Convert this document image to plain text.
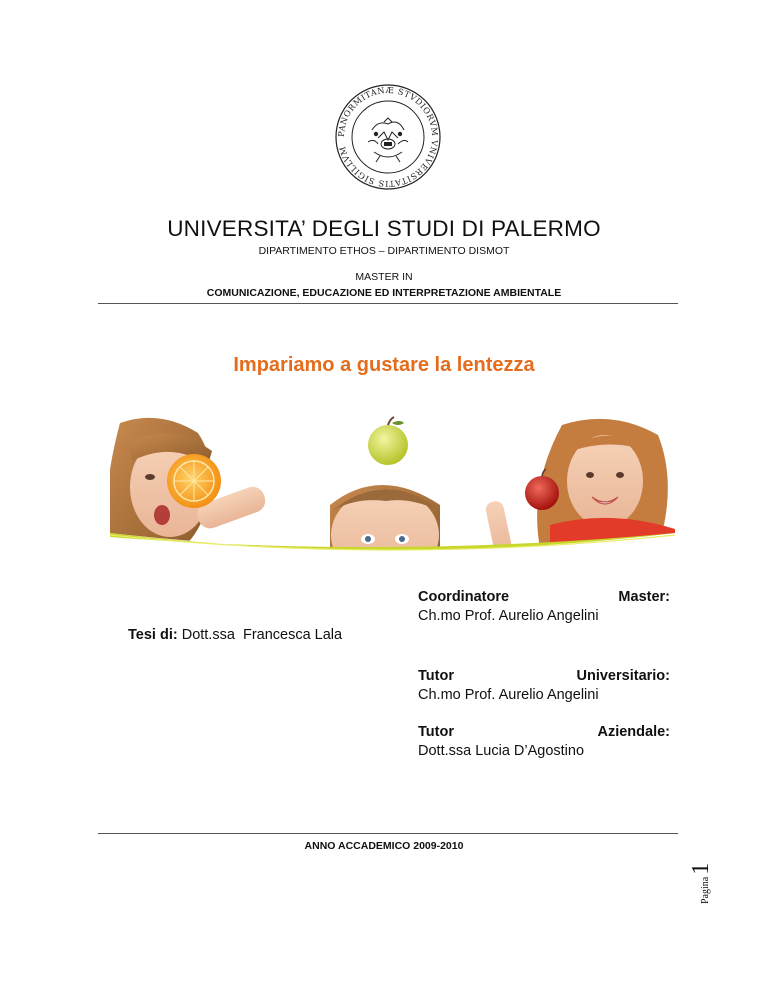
PANORMITANÆ STVDIORVM VNIVERSITATIS SIGILLVM
UNIVERSITA’ DEGLI STUDI DI PALERMO
DIPARTIMENTO ETHOS – DIPARTIMENTO DISMOT
MASTER IN
COMUNICAZIONE, EDUCAZIONE ED INTERPRETAZIONE AMBIENTALE
Impariamo a gustare la lentezza
Coordinatore	Master:
Ch.mo Prof. Aurelio Angelini
Tesi di: Dott.ssa  Francesca Lala
Tutor	Universitario:
Ch.mo Prof. Aurelio Angelini
Tutor	Aziendale:
Dott.ssa Lucia D’Agostino
ANNO ACCADEMICO 2009-2010
Pagina
1
